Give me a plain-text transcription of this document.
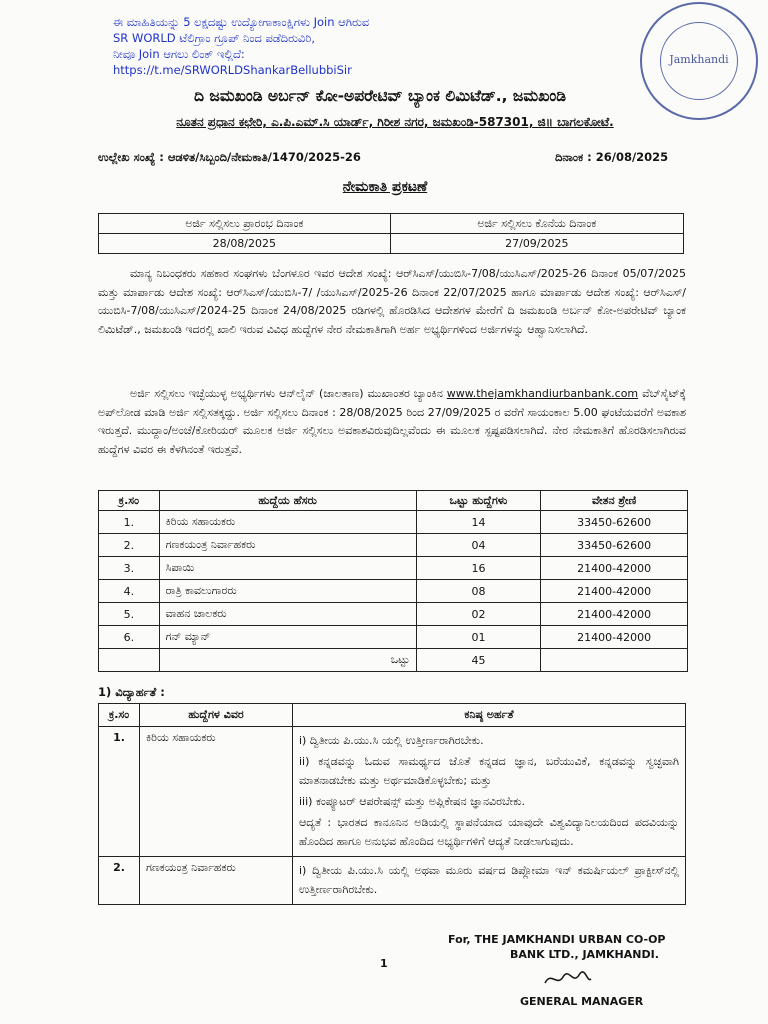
ಈ ಮಾಹಿತಿಯನ್ನು 5 ಲಕ್ಷದಷ್ಟು ಉದ್ಯೋಗಾಕಾಂಕ್ಷಿಗಳು Join ಆಗಿರುವ
SR WORLD ಟೆಲಿಗ್ರಾಂ ಗ್ರೂಪ್ ನಿಂದ ಪಡೆದಿರುವಿರಿ,
ನೀವೂ Join ಆಗಲು ಲಿಂಕ್ ಇಲ್ಲಿದೆ:
https://t.me/SRWORLDShankarBellubbiSir
Jamkhandi
ದಿ ಜಮಖಂಡಿ ಅರ್ಬನ್ ಕೋ-ಅಪರೇಟಿವ್ ಬ್ಯಾಂಕ ಲಿಮಿಟೆಡ್., ಜಮಖಂಡಿ
ನೂತನ ಪ್ರಧಾನ ಕಛೇರಿ, ಎ.ಪಿ.ಎಮ್.ಸಿ ಯಾರ್ಡ್, ಗಿರೀಶ ನಗರ, ಜಮಖಂಡಿ-587301, ಜಿ॥ ಬಾಗಲಕೋಟೆ.
ಉಲ್ಲೇಖ ಸಂಖ್ಯೆ : ಆಡಳಿತ/ಸಿಬ್ಬಂದಿ/ನೇಮಕಾತಿ/1470/2025-26	ದಿನಾಂಕ : 26/08/2025
ನೇಮಕಾತಿ ಪ್ರಕಟಣೆ
ಅರ್ಜಿ ಸಲ್ಲಿಸಲು ಪ್ರಾರಂಭ ದಿನಾಂಕ	ಅರ್ಜಿ ಸಲ್ಲಿಸಲು ಕೊನೆಯ ದಿನಾಂಕ
28/08/2025	27/09/2025
ಮಾನ್ಯ ನಿಬಂಧಕರು ಸಹಕಾರ ಸಂಘಗಳು ಬೆಂಗಳೂರ ಇವರ ಆದೇಶ ಸಂಖ್ಯೆ: ಆರ್‌ಸಿಎಸ್/ಯುಬಿಸಿ-7/08/ಯುಸಿಎಸ್/2025-26 ದಿನಾಂಕ 05/07/2025 ಮತ್ತು ಮಾರ್ಪಾಡು ಆದೇಶ ಸಂಖ್ಯೆ: ಆರ್‌ಸಿಎಸ್/ಯುಬಿಸಿ-7/ /ಯುಸಿಎಸ್/2025-26 ದಿನಾಂಕ 22/07/2025 ಹಾಗೂ ಮಾರ್ಪಾಡು ಆದೇಶ ಸಂಖ್ಯೆ: ಆರ್‌ಸಿಎಸ್/ಯುಬಿಸಿ-7/08/ಯುಸಿಎಸ್/2024-25 ದಿನಾಂಕ 24/08/2025 ರಡಿಗಳಲ್ಲಿ ಹೊರಡಿಸಿದ ಆದೇಶಗಳ ಮೇರೆಗೆ ದಿ ಜಮಖಂಡಿ ಅರ್ಬನ್ ಕೋ-ಅಪರೇಟಿವ್ ಬ್ಯಾಂಕ ಲಿಮಿಟೆಡ್., ಜಮಖಂಡಿ ಇದರಲ್ಲಿ ಖಾಲಿ ಇರುವ ವಿವಿಧ ಹುದ್ದೆಗಳ ನೇರ ನೇಮಕಾತಿಗಾಗಿ ಅರ್ಹ ಅಭ್ಯರ್ಥಿಗಳಿಂದ ಅರ್ಜಿಗಳನ್ನು ಆಹ್ವಾನಿಸಲಾಗಿದೆ.
ಅರ್ಜಿ ಸಲ್ಲಿಸಲು ಇಚ್ಛೆಯುಳ್ಳ ಅಭ್ಯರ್ಥಿಗಳು ಆನ್‌ಲೈನ್ (ಜಾಲತಾಣ) ಮುಖಾಂತರ ಬ್ಯಾಂಕಿನ www.thejamkhandiurbanbank.com ವೆಬ್‌ಸೈಟ್‌ಕ್ಕೆ ಅಪ್‌ಲೋಡ ಮಾಡಿ ಅರ್ಜಿ ಸಲ್ಲಿಸತಕ್ಕದ್ದು. ಅರ್ಜಿ ಸಲ್ಲಿಸಲು ದಿನಾಂಕ : 28/08/2025 ರಿಂದ 27/09/2025 ರ ವರೆಗೆ ಸಾಯಂಕಾಲ 5.00 ಘಂಟೆಯವರೆಗೆ ಅವಕಾಶ ಇರುತ್ತದೆ. ಮುದ್ದಾಂ/ಅಂಚೆ/ಕೋರಿಯರ್ ಮೂಲಕ ಅರ್ಜಿ ಸಲ್ಲಿಸಲು ಅವಕಾಶವಿರುವುದಿಲ್ಲವೆಂದು ಈ ಮೂಲಕ ಸ್ಪಷ್ಟಪಡಿಸಲಾಗಿದೆ. ನೇರ ನೇಮಕಾತಿಗೆ ಹೊರಡಿಸಲಾಗಿರುವ ಹುದ್ದೆಗಳ ವಿವರ ಈ ಕೆಳಗಿನಂತೆ ಇರುತ್ತವೆ.
ಕ್ರ.ಸಂ	ಹುದ್ದೆಯ ಹೆಸರು	ಒಟ್ಟು ಹುದ್ದೆಗಳು	ವೇತನ ಶ್ರೇಣಿ
1.	ಕಿರಿಯ ಸಹಾಯಕರು	14	33450-62600
2.	ಗಣಕಯಂತ್ರ ನಿರ್ವಾಹಕರು	04	33450-62600
3.	ಸಿಪಾಯಿ	16	21400-42000
4.	ರಾತ್ರಿ ಕಾವಲುಗಾರರು	08	21400-42000
5.	ವಾಹನ ಚಾಲಕರು	02	21400-42000
6.	ಗನ್ ಮ್ಯಾನ್	01	21400-42000
	ಒಟ್ಟು	45	
1) ವಿದ್ಯಾರ್ಹತೆ :
ಕ್ರ.ಸಂ	ಹುದ್ದೆಗಳ ವಿವರ	ಕನಿಷ್ಠ ಅರ್ಹತೆ
1.	ಕಿರಿಯ ಸಹಾಯಕರು	i) ದ್ವಿತೀಯ ಪಿ.ಯು.ಸಿ ಯಲ್ಲಿ ಉತ್ತೀರ್ಣರಾಗಿರಬೇಕು.

ii) ಕನ್ನಡವನ್ನು ಓದುವ ಸಾಮರ್ಥ್ಯದ ಜೊತೆ ಕನ್ನಡದ ಜ್ಞಾನ, ಬರೆಯುವಿಕೆ, ಕನ್ನಡವನ್ನು ಸ್ವಚ್ಛವಾಗಿ ಮಾತನಾಡಬೇಕು ಮತ್ತು ಅರ್ಥಮಾಡಿಕೊಳ್ಳಬೇಕು; ಮತ್ತು

iii) ಕಂಪ್ಯೂಟರ್ ಆಪರೇಷನ್ಸ್ ಮತ್ತು ಅಪ್ಲಿಕೇಷನ ಜ್ಞಾನವಿರಬೇಕು.

ಆದ್ಯತೆ : ಭಾರತದ ಕಾನೂನಿನ ಅಡಿಯಲ್ಲಿ ಸ್ಥಾಪನೆಯಾದ ಯಾವುದೇ ವಿಶ್ವವಿದ್ಯಾನಿಲಯದಿಂದ ಪದವಿಯನ್ನು ಹೊಂದಿದ ಹಾಗೂ ಅನುಭವ ಹೊಂದಿದ ಅಭ್ಯರ್ಥಿಗಳಿಗೆ ಆದ್ಯತೆ ನೀಡಲಾಗುವುದು.

2.	ಗಣಕಯಂತ್ರ ನಿರ್ವಾಹಕರು	i) ದ್ವಿತೀಯ ಪಿ.ಯು.ಸಿ ಯಲ್ಲಿ ಅಥವಾ ಮೂರು ವರ್ಷದ ಡಿಪ್ಲೋಮಾ ಇನ್ ಕಮರ್ಷಿಯಲ್ ಪ್ರಾಕ್ಟೀಸ್‌ನಲ್ಲಿ ಉತ್ತೀರ್ಣರಾಗಿರಬೇಕು.

1
For, THE JAMKHANDI URBAN CO-OP
BANK LTD., JAMKHANDI.
GENERAL MANAGER
